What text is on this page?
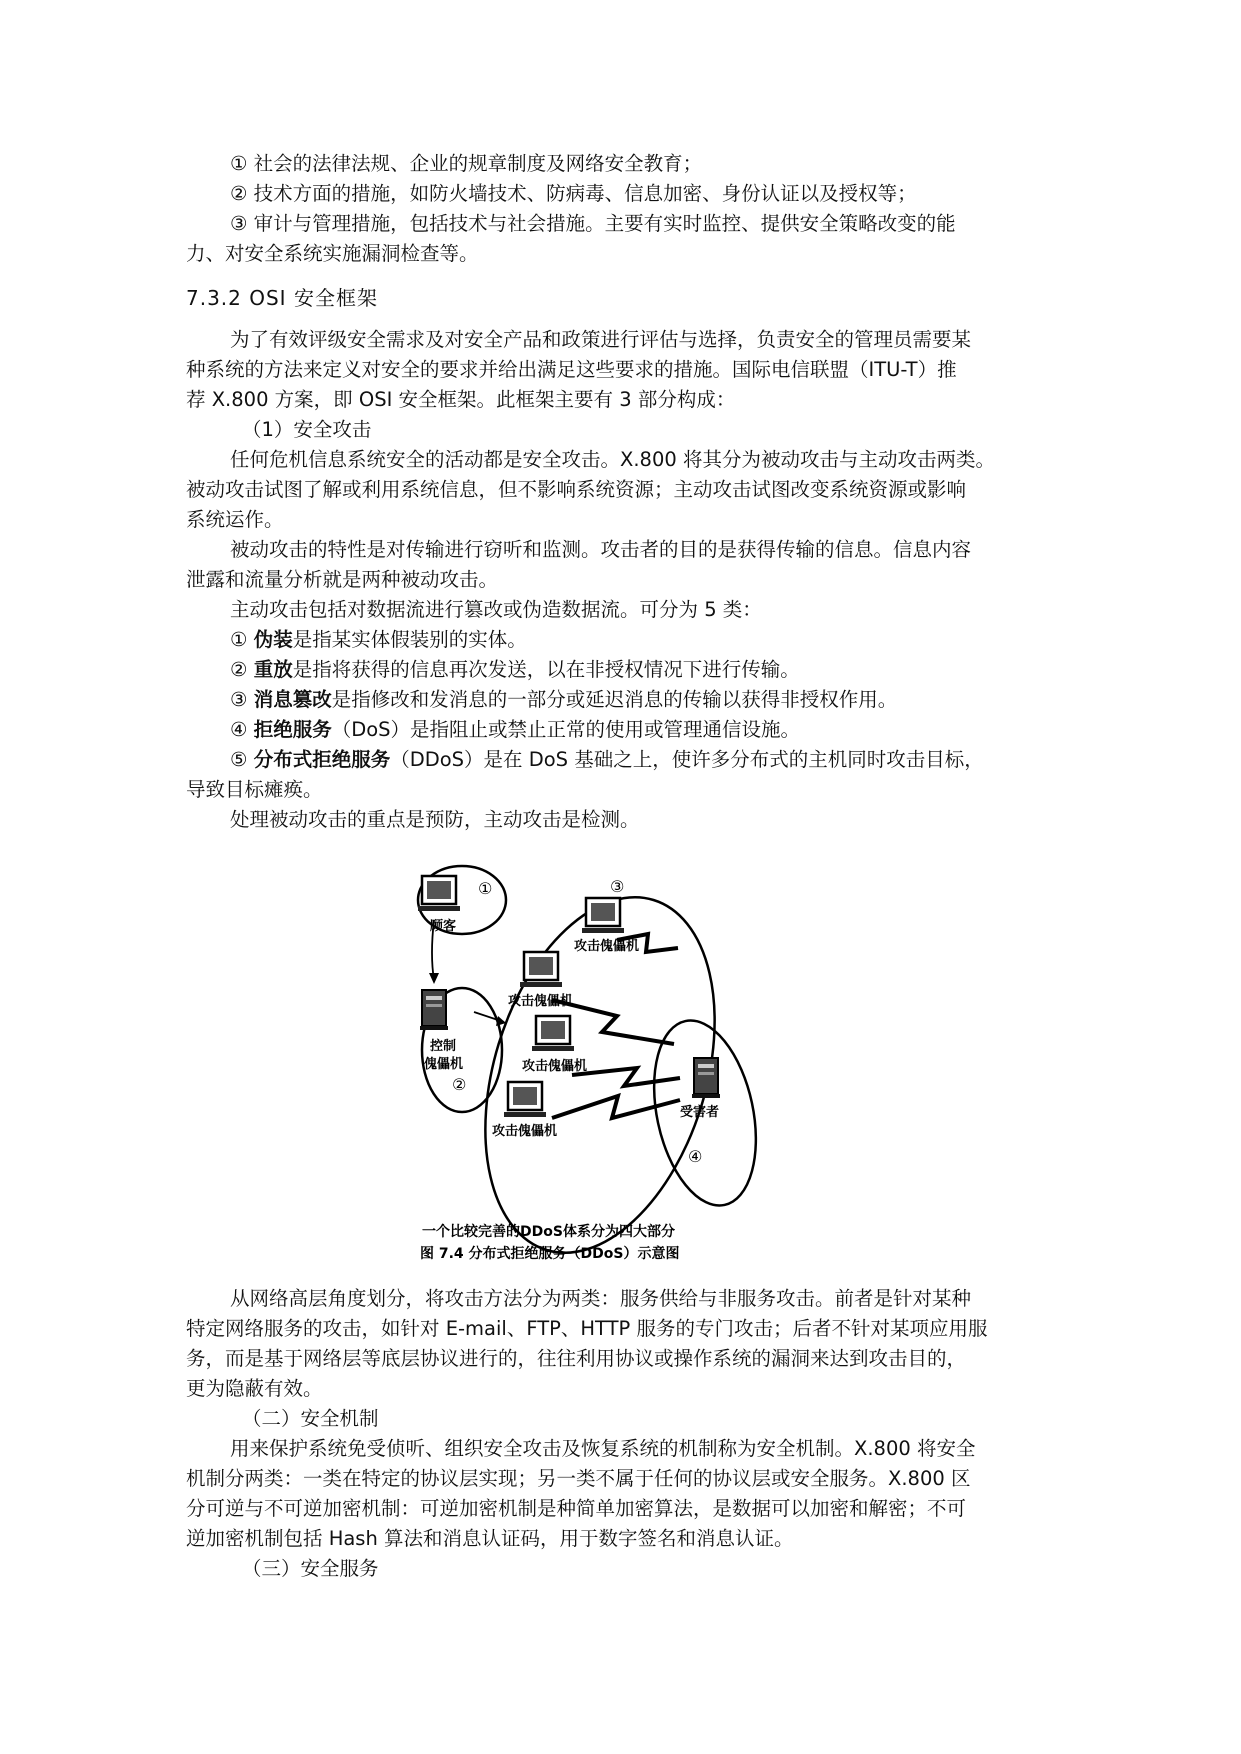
① 社会的法律法规、企业的规章制度及网络安全教育；
② 技术方面的措施，如防火墙技术、防病毒、信息加密、身份认证以及授权等；
③ 审计与管理措施，包括技术与社会措施。主要有实时监控、提供安全策略改变的能
力、对安全系统实施漏洞检查等。
7.3.2 OSI 安全框架
为了有效评级安全需求及对安全产品和政策进行评估与选择，负责安全的管理员需要某
种系统的方法来定义对安全的要求并给出满足这些要求的措施。国际电信联盟（ITU-T）推
荐 X.800 方案，即 OSI 安全框架。此框架主要有 3 部分构成：
（1）安全攻击
任何危机信息系统安全的活动都是安全攻击。X.800 将其分为被动攻击与主动攻击两类。
被动攻击试图了解或利用系统信息，但不影响系统资源；主动攻击试图改变系统资源或影响
系统运作。
被动攻击的特性是对传输进行窃听和监测。攻击者的目的是获得传输的信息。信息内容
泄露和流量分析就是两种被动攻击。
主动攻击包括对数据流进行篡改或伪造数据流。可分为 5 类：
① 伪装是指某实体假装别的实体。
② 重放是指将获得的信息再次发送，以在非授权情况下进行传输。
③ 消息篡改是指修改和发消息的一部分或延迟消息的传输以获得非授权作用。
④ 拒绝服务（DoS）是指阻止或禁止正常的使用或管理通信设施。
⑤ 分布式拒绝服务（DDoS）是在 DoS 基础之上，使许多分布式的主机同时攻击目标，
导致目标瘫痪。
处理被动攻击的重点是预防，主动攻击是检测。
顾客
控制
傀儡机
攻击傀儡机
攻击傀儡机
攻击傀儡机
攻击傀儡机
受害者
①
②
③
④
一个比较完善的DDoS体系分为四大部分
图 7.4 分布式拒绝服务（DDoS）示意图
从网络高层角度划分，将攻击方法分为两类：服务供给与非服务攻击。前者是针对某种
特定网络服务的攻击，如针对 E-mail、FTP、HTTP 服务的专门攻击；后者不针对某项应用服
务，而是基于网络层等底层协议进行的，往往利用协议或操作系统的漏洞来达到攻击目的，
更为隐蔽有效。
（二）安全机制
用来保护系统免受侦听、组织安全攻击及恢复系统的机制称为安全机制。X.800 将安全
机制分两类：一类在特定的协议层实现；另一类不属于任何的协议层或安全服务。X.800 区
分可逆与不可逆加密机制：可逆加密机制是种简单加密算法，是数据可以加密和解密；不可
逆加密机制包括 Hash 算法和消息认证码，用于数字签名和消息认证。
（三）安全服务
